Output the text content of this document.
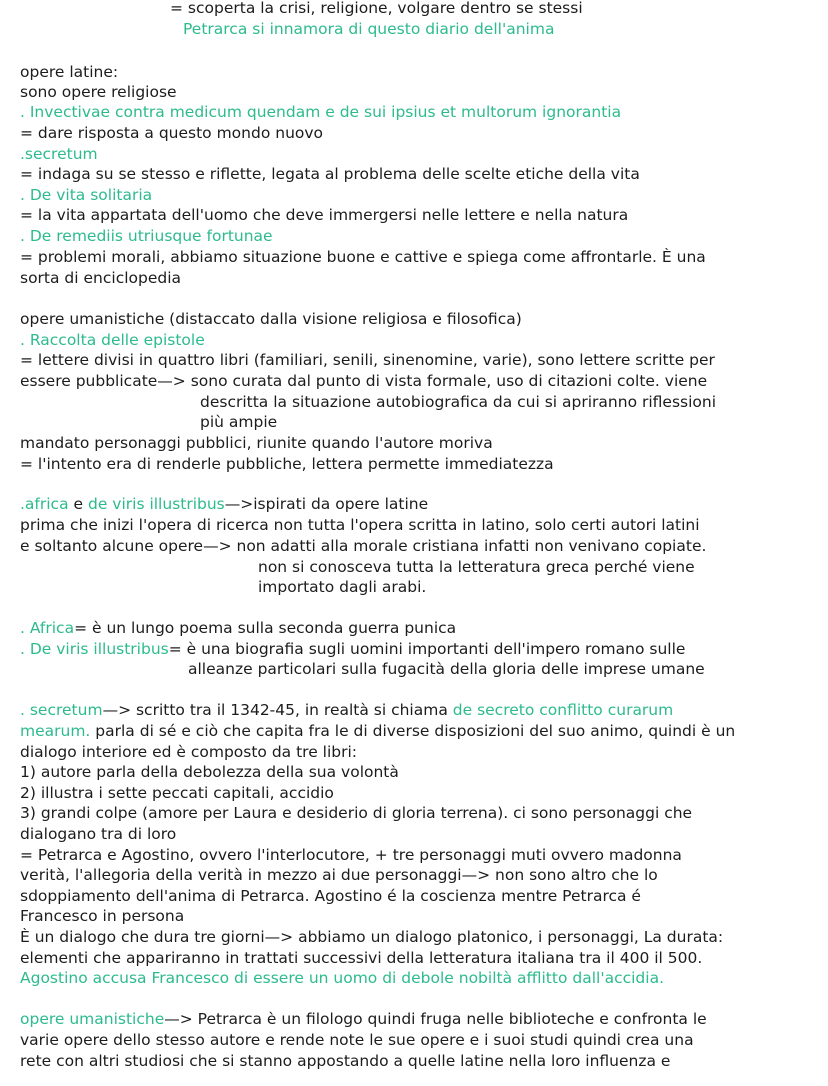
= scoperta la crisi, religione, volgare dentro se stessi
Petrarca si innamora di questo diario dell'anima
opere latine:
sono opere religiose
. Invectivae contra medicum quendam e de sui ipsius et multorum ignorantia
= dare risposta a questo mondo nuovo
.secretum
= indaga su se stesso e riflette, legata al problema delle scelte etiche della vita
. De vita solitaria
= la vita appartata dell'uomo che deve immergersi nelle lettere e nella natura
. De remediis utriusque fortunae
= problemi morali, abbiamo situazione buone e cattive e spiega come affrontarle. È una
sorta di enciclopedia
opere umanistiche (distaccato dalla visione religiosa e filosofica)
. Raccolta delle epistole
= lettere divisi in quattro libri (familiari, senili, sinenomine, varie), sono lettere scritte per
essere pubblicate—> sono curata dal punto di vista formale, uso di citazioni colte. viene
descritta la situazione autobiografica da cui si apriranno riflessioni
più ampie
mandato personaggi pubblici, riunite quando l'autore moriva
= l'intento era di renderle pubbliche, lettera permette immediatezza
.africa e de viris illustribus—>ispirati da opere latine
prima che inizi l'opera di ricerca non tutta l'opera scritta in latino, solo certi autori latini
e soltanto alcune opere—> non adatti alla morale cristiana infatti non venivano copiate.
non si conosceva tutta la letteratura greca perché viene
importato dagli arabi.
. Africa= è un lungo poema sulla seconda guerra punica
. De viris illustribus= è una biografia sugli uomini importanti dell'impero romano sulle
alleanze particolari sulla fugacità della gloria delle imprese umane
. secretum—> scritto tra il 1342-45, in realtà si chiama de secreto conflitto curarum
mearum. parla di sé e ciò che capita fra le di diverse disposizioni del suo animo, quindi è un
dialogo interiore ed è composto da tre libri:
1) autore parla della debolezza della sua volontà
2) illustra i sette peccati capitali, accidio
3) grandi colpe (amore per Laura e desiderio di gloria terrena). ci sono personaggi che
dialogano tra di loro
= Petrarca e Agostino, ovvero l'interlocutore, + tre personaggi muti ovvero madonna
verità, l'allegoria della verità in mezzo ai due personaggi—> non sono altro che lo
sdoppiamento dell'anima di Petrarca. Agostino é la coscienza mentre Petrarca é
Francesco in persona
È un dialogo che dura tre giorni—> abbiamo un dialogo platonico, i personaggi, La durata:
elementi che appariranno in trattati successivi della letteratura italiana tra il 400 il 500.
Agostino accusa Francesco di essere un uomo di debole nobiltà afflitto dall'accidia.
opere umanistiche—> Petrarca è un filologo quindi fruga nelle biblioteche e confronta le
varie opere dello stesso autore e rende note le sue opere e i suoi studi quindi crea una
rete con altri studiosi che si stanno appostando a quelle latine nella loro influenza e
